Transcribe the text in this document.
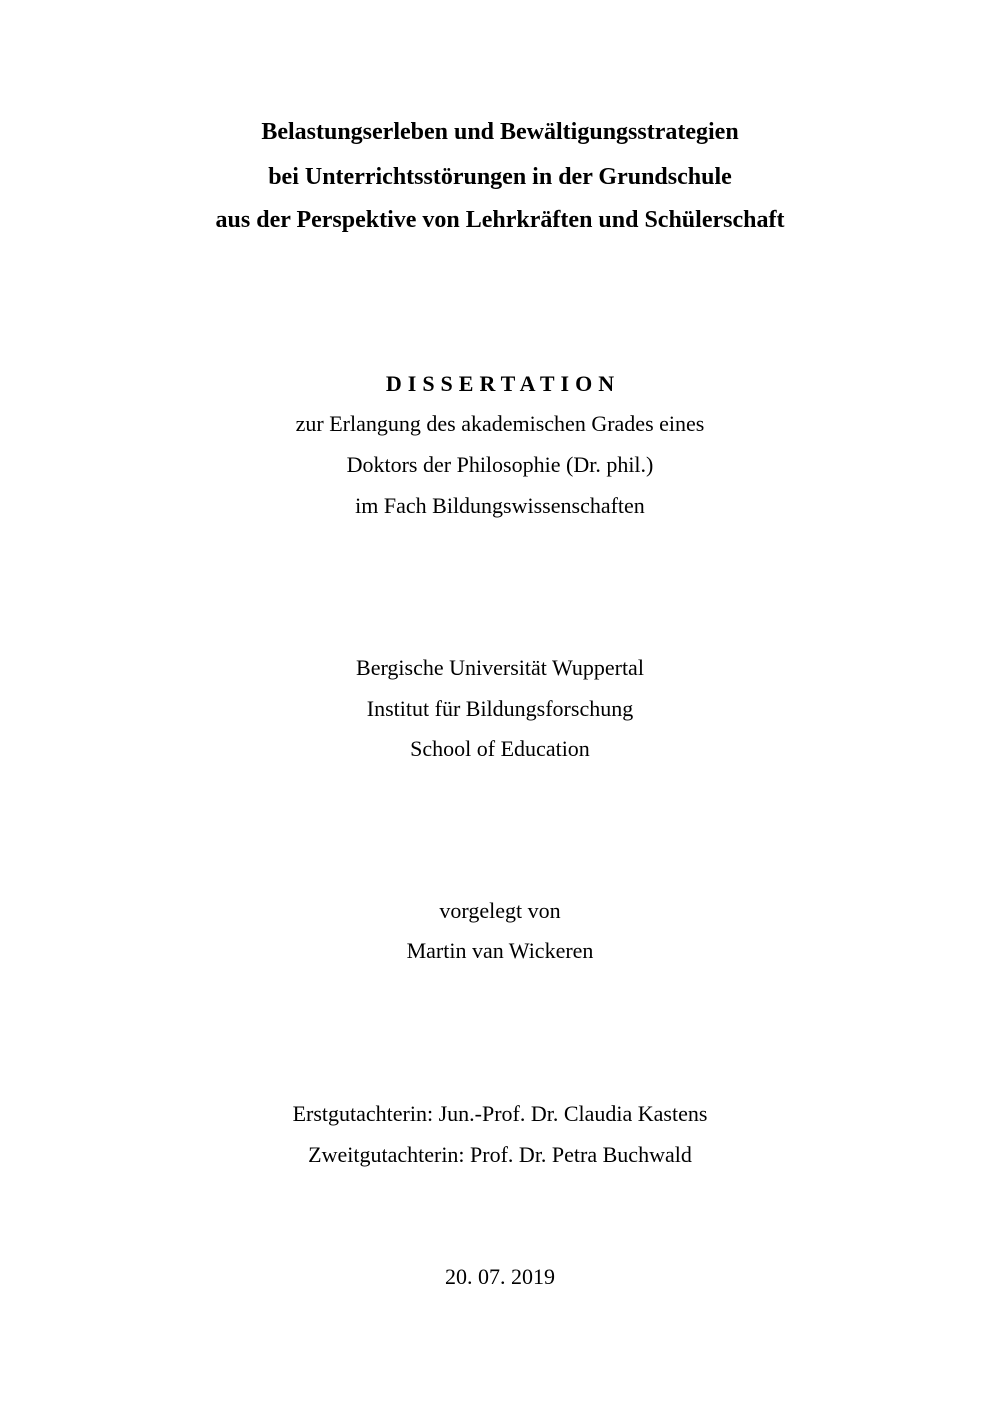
Belastungserleben und Bewältigungsstrategien
bei Unterrichtsstörungen in der Grundschule
aus der Perspektive von Lehrkräften und Schülerschaft
DISSERTATION
zur Erlangung des akademischen Grades eines
Doktors der Philosophie (Dr. phil.)
im Fach Bildungswissenschaften
Bergische Universität Wuppertal
Institut für Bildungsforschung
School of Education
vorgelegt von
Martin van Wickeren
Erstgutachterin: Jun.-Prof. Dr. Claudia Kastens
Zweitgutachterin: Prof. Dr. Petra Buchwald
20. 07. 2019
